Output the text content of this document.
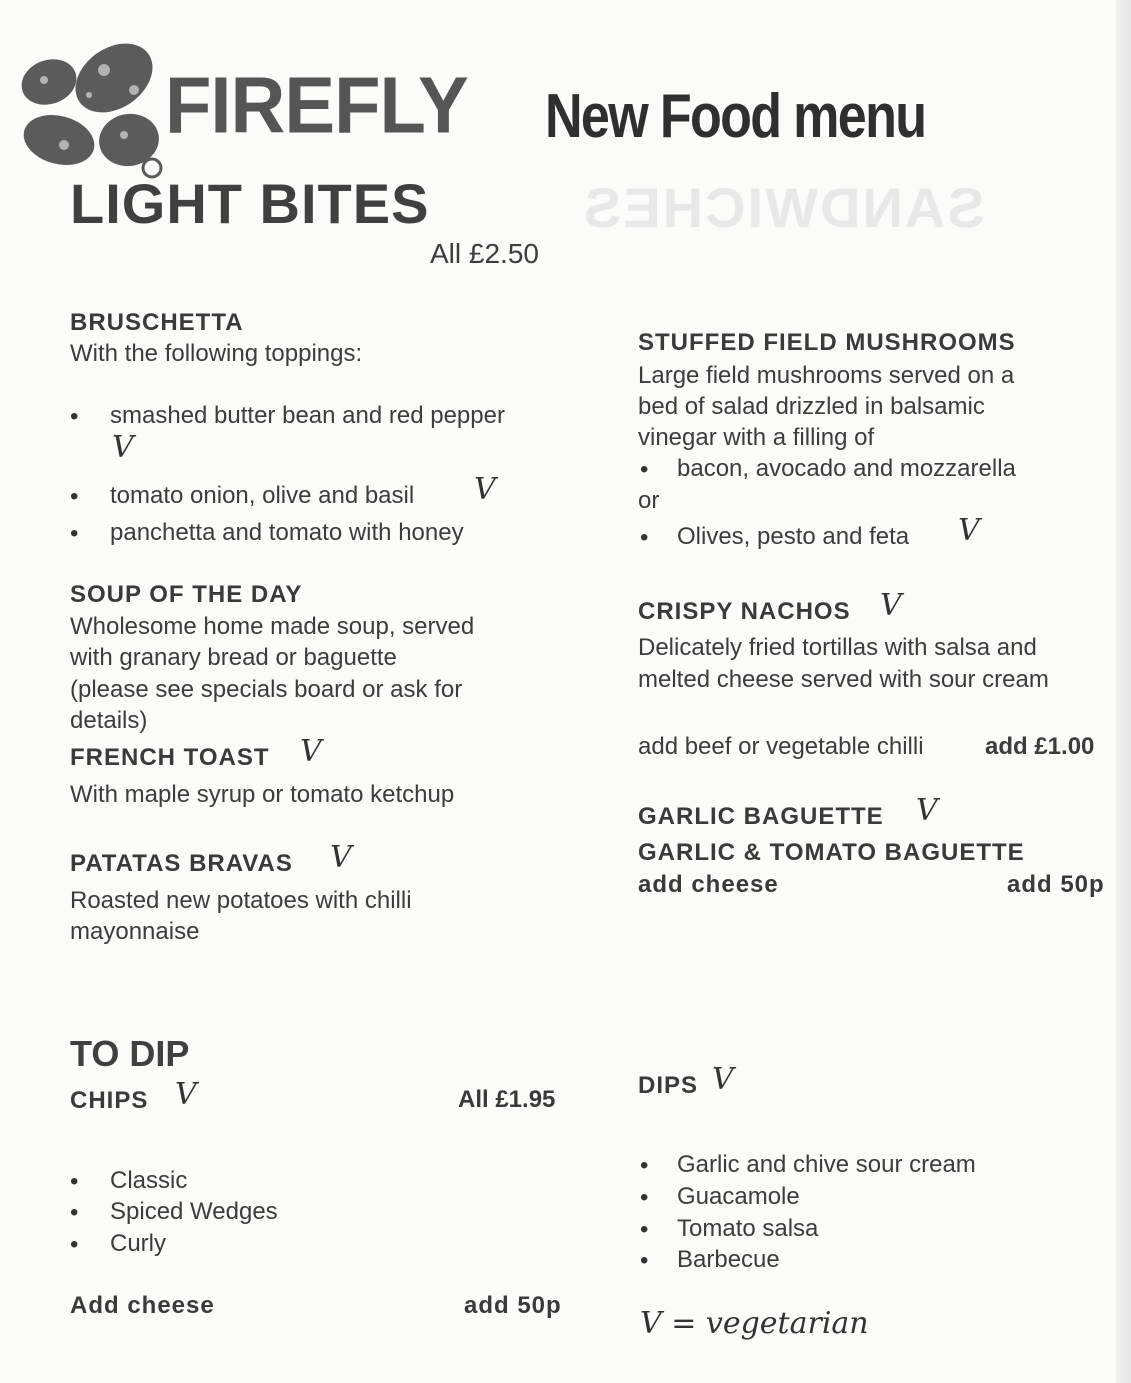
SANDWICHES
FIREFLY New Food menu
LIGHT BITES
All £2.50
BRUSCHETTA
With the following toppings:
• smashed butter bean and red pepper
V
• tomato onion, olive and basil V
• panchetta and tomato with honey
SOUP OF THE DAY
Wholesome home made soup, served
with granary bread or baguette
(please see specials board or ask for
details)
FRENCH TOAST V
With maple syrup or tomato ketchup
PATATAS BRAVAS V
Roasted new potatoes with chilli
mayonnaise
STUFFED FIELD MUSHROOMS
Large field mushrooms served on a
bed of salad drizzled in balsamic
vinegar with a filling of
• bacon, avocado and mozzarella
or
• Olives, pesto and feta V
CRISPY NACHOS V
Delicately fried tortillas with salsa and
melted cheese served with sour cream
add beef or vegetable chilli	add £1.00
GARLIC BAGUETTE V
GARLIC & TOMATO BAGUETTE
add cheese	add 50p
TO DIP
CHIPS V	All £1.95
• Classic
• Spiced Wedges
• Curly
Add cheese	add 50p
DIPS V
• Garlic and chive sour cream
• Guacamole
• Tomato salsa
• Barbecue
V = vegetarian
